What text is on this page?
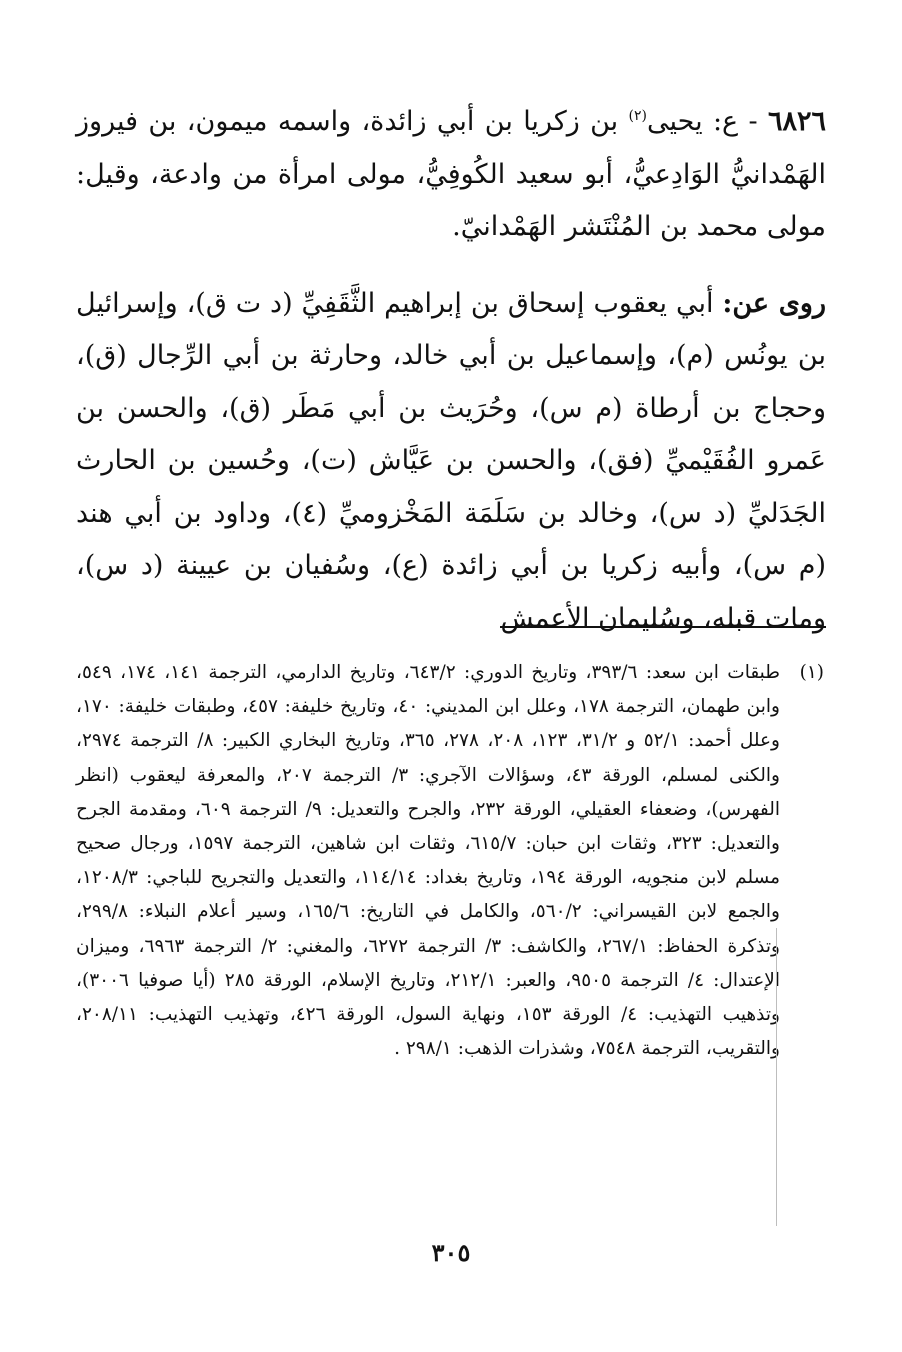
٦٨٢٦ - ع: يحيى$^{(٢)}$ بن زكريا بن أبي زائدة، واسمه ميمون، بن فيروز الهَمْدانيُّ الوَادِعيُّ، أبو سعيد الكُوفِيُّ، مولى امرأة من وادعة، وقيل: مولى محمد بن المُنْتَشر الهَمْدانيّ.

روى عن: أبي يعقوب إسحاق بن إبراهيم الثَّقَفِيِّ (د ت ق)، وإسرائيل بن يونُس (م)، وإسماعيل بن أبي خالد، وحارثة بن أبي الرِّجال (ق)، وحجاج بن أرطاة (م س)، وحُرَيث بن أبي مَطَر (ق)، والحسن بن عَمرو الفُقَيْميِّ (فق)، والحسن بن عَيَّاش (ت)، وحُسين بن الحارث الجَدَليِّ (د س)، وخالد بن سَلَمَة المَخْزوميِّ (٤)، وداود بن أبي هند (م س)، وأبيه زكريا بن أبي زائدة (ع)، وسُفيان بن عيينة (د س)، ومات قبله، وسُليمان الأعمش

(١)
طبقات ابن سعد: ٣٩٣/٦، وتاريخ الدوري: ٦٤٣/٢، وتاريخ الدارمي، الترجمة ١٤١، ١٧٤، ٥٤٩، وابن طهمان، الترجمة ١٧٨، وعلل ابن المديني: ٤٠، وتاريخ خليفة: ٤٥٧، وطبقات خليفة: ١٧٠، وعلل أحمد: ٥٢/١ و ٣١/٢، ١٢٣، ٢٠٨، ٢٧٨، ٣٦٥، وتاريخ البخاري الكبير: ٨/ الترجمة ٢٩٧٤، والكنى لمسلم، الورقة ٤٣، وسؤالات الآجري: ٣/ الترجمة ٢٠٧، والمعرفة ليعقوب (انظر الفهرس)، وضعفاء العقيلي، الورقة ٢٣٢، والجرح والتعديل: ٩/ الترجمة ٦٠٩، ومقدمة الجرح والتعديل: ٣٢٣، وثقات ابن حبان: ٦١٥/٧، وثقات ابن شاهين، الترجمة ١٥٩٧، ورجال صحيح مسلم لابن منجويه، الورقة ١٩٤، وتاريخ بغداد: ١١٤/١٤، والتعديل والتجريح للباجي: ١٢٠٨/٣، والجمع لابن القيسراني: ٥٦٠/٢، والكامل في التاريخ: ١٦٥/٦، وسير أعلام النبلاء: ٢٩٩/٨، وتذكرة الحفاظ: ٢٦٧/١، والكاشف: ٣/ الترجمة ٦٢٧٢، والمغني: ٢/ الترجمة ٦٩٦٣، وميزان الإعتدال: ٤/ الترجمة ٩٥٠٥، والعبر: ٢١٢/١، وتاريخ الإسلام، الورقة ٢٨٥ (أيا صوفيا ٣٠٠٦)، وتذهيب التهذيب: ٤/ الورقة ١٥٣، ونهاية السول، الورقة ٤٢٦، وتهذيب التهذيب: ٢٠٨/١١، والتقريب، الترجمة ٧٥٤٨، وشذرات الذهب: ٢٩٨/١ .
٣٠٥
